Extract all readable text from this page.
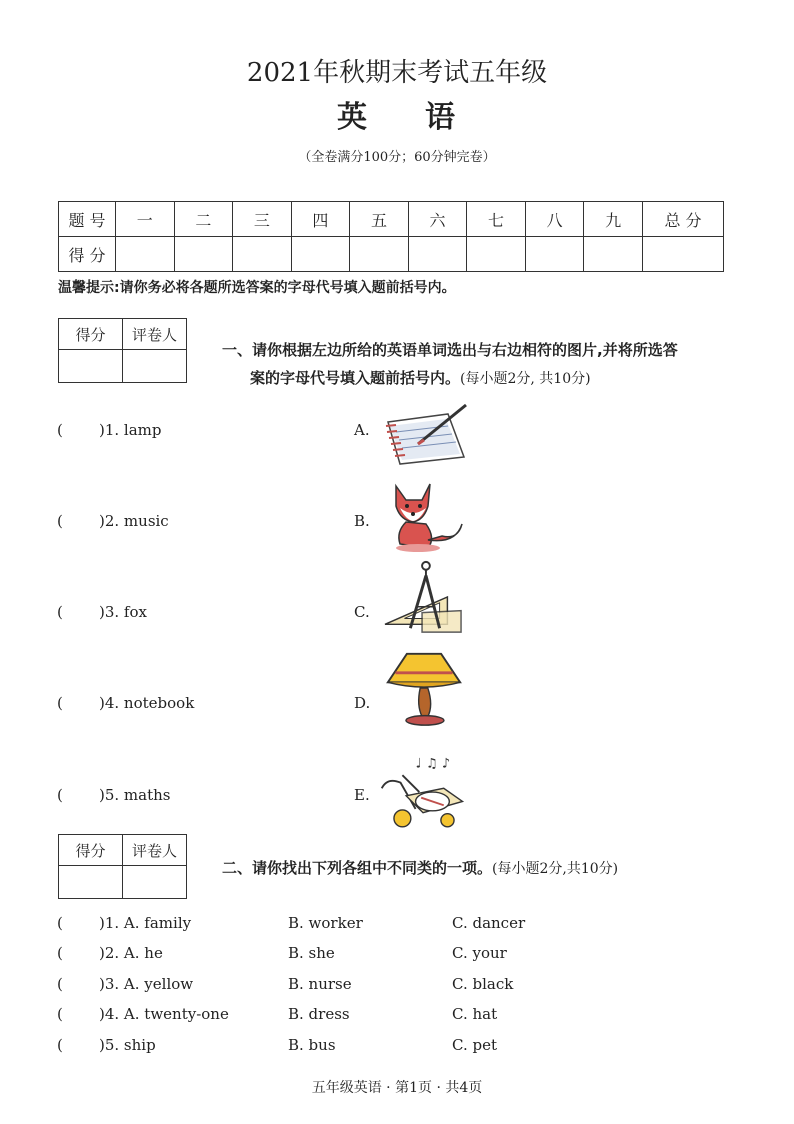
2021年秋期末考试五年级
英 语
（全卷满分100分；60分钟完卷）
题 号	一	二	三	四	五	六	七	八	九	总 分
得 分										
温馨提示:请你务必将各题所选答案的字母代号填入题前括号内。
得分	评卷人

一、请你根据左边所给的英语单词选出与右边相符的图片,并将所选答
案的字母代号填入题前括号内。(每小题2分, 共10分)
( )1. lamp	A.
( )2. music	B.
( )3. fox	C.
( )4. notebook	D.
( )5. maths	E.
♩ ♫ ♪
得分	评卷人

二、请你找出下列各组中不同类的一项。(每小题2分,共10分)
( )1. A. family	B. worker	C. dancer
( )2. A. he	B. she	C. your
( )3. A. yellow	B. nurse	C. black
( )4. A. twenty-one	B. dress	C. hat
( )5. ship	B. bus	C. pet
五年级英语 · 第1页 · 共4页
